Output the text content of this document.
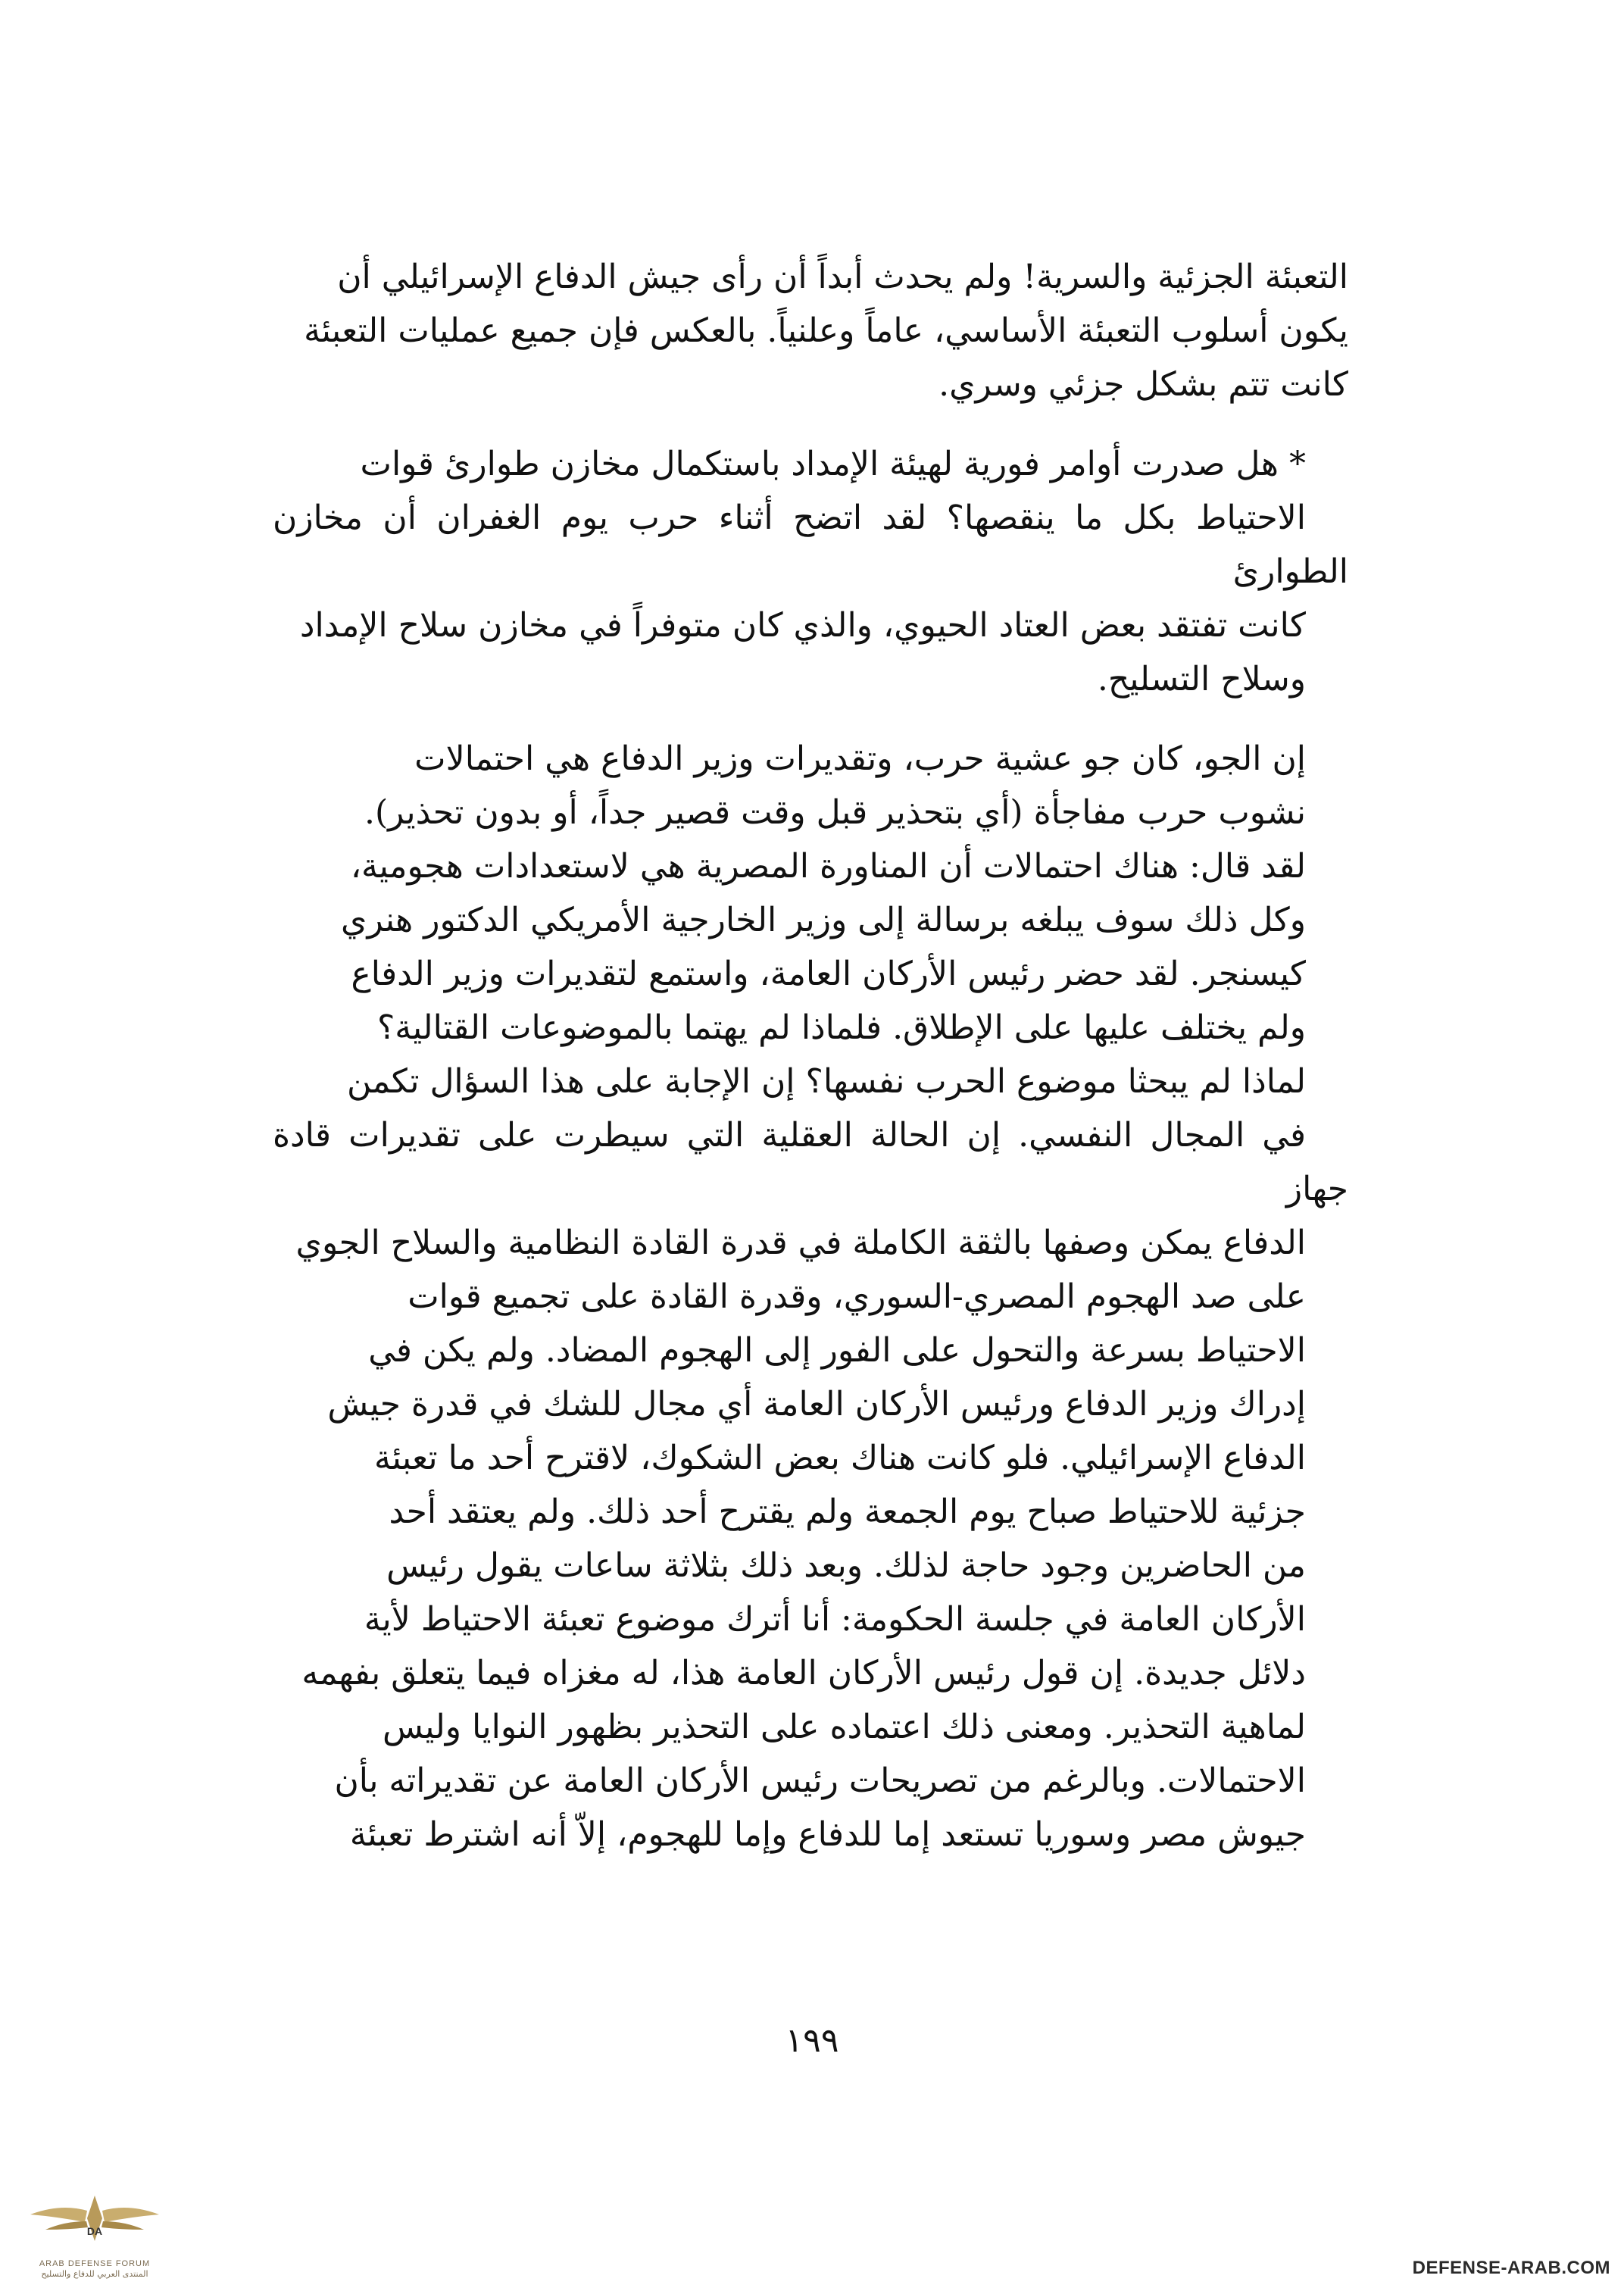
التعبئة الجزئية والسرية! ولم يحدث أبداً أن رأى جيش الدفاع الإسرائيلي أن
يكون أسلوب التعبئة الأساسي، عاماً وعلنياً. بالعكس فإن جميع عمليات التعبئة
كانت تتم بشكل جزئي وسري.
* هل صدرت أوامر فورية لهيئة الإمداد باستكمال مخازن طوارئ قوات
الاحتياط بكل ما ينقصها؟ لقد اتضح أثناء حرب يوم الغفران أن مخازن الطوارئ
كانت تفتقد بعض العتاد الحيوي، والذي كان متوفراً في مخازن سلاح الإمداد
وسلاح التسليح.
إن الجو، كان جو عشية حرب، وتقديرات وزير الدفاع هي احتمالات
نشوب حرب مفاجأة (أي بتحذير قبل وقت قصير جداً، أو بدون تحذير).
لقد قال: هناك احتمالات أن المناورة المصرية هي لاستعدادات هجومية،
وكل ذلك سوف يبلغه برسالة إلى وزير الخارجية الأمريكي الدكتور هنري
كيسنجر. لقد حضر رئيس الأركان العامة، واستمع لتقديرات وزير الدفاع
ولم يختلف عليها على الإطلاق. فلماذا لم يهتما بالموضوعات القتالية؟
لماذا لم يبحثا موضوع الحرب نفسها؟ إن الإجابة على هذا السؤال تكمن
في المجال النفسي. إن الحالة العقلية التي سيطرت على تقديرات قادة جهاز
الدفاع يمكن وصفها بالثقة الكاملة في قدرة القادة النظامية والسلاح الجوي
على صد الهجوم المصري-السوري، وقدرة القادة على تجميع قوات
الاحتياط بسرعة والتحول على الفور إلى الهجوم المضاد. ولم يكن في
إدراك وزير الدفاع ورئيس الأركان العامة أي مجال للشك في قدرة جيش
الدفاع الإسرائيلي. فلو كانت هناك بعض الشكوك، لاقترح أحد ما تعبئة
جزئية للاحتياط صباح يوم الجمعة ولم يقترح أحد ذلك. ولم يعتقد أحد
من الحاضرين وجود حاجة لذلك. وبعد ذلك بثلاثة ساعات يقول رئيس
الأركان العامة في جلسة الحكومة: أنا أترك موضوع تعبئة الاحتياط لأية
دلائل جديدة. إن قول رئيس الأركان العامة هذا، له مغزاه فيما يتعلق بفهمه
لماهية التحذير. ومعنى ذلك اعتماده على التحذير بظهور النوايا وليس
الاحتمالات. وبالرغم من تصريحات رئيس الأركان العامة عن تقديراته بأن
جيوش مصر وسوريا تستعد إما للدفاع وإما للهجوم، إلاّ أنه اشترط تعبئة
١٩٩
DA
ARAB DEFENSE FORUM
المنتدى العربي للدفاع والتسليح	DEFENSE-ARAB.COM
